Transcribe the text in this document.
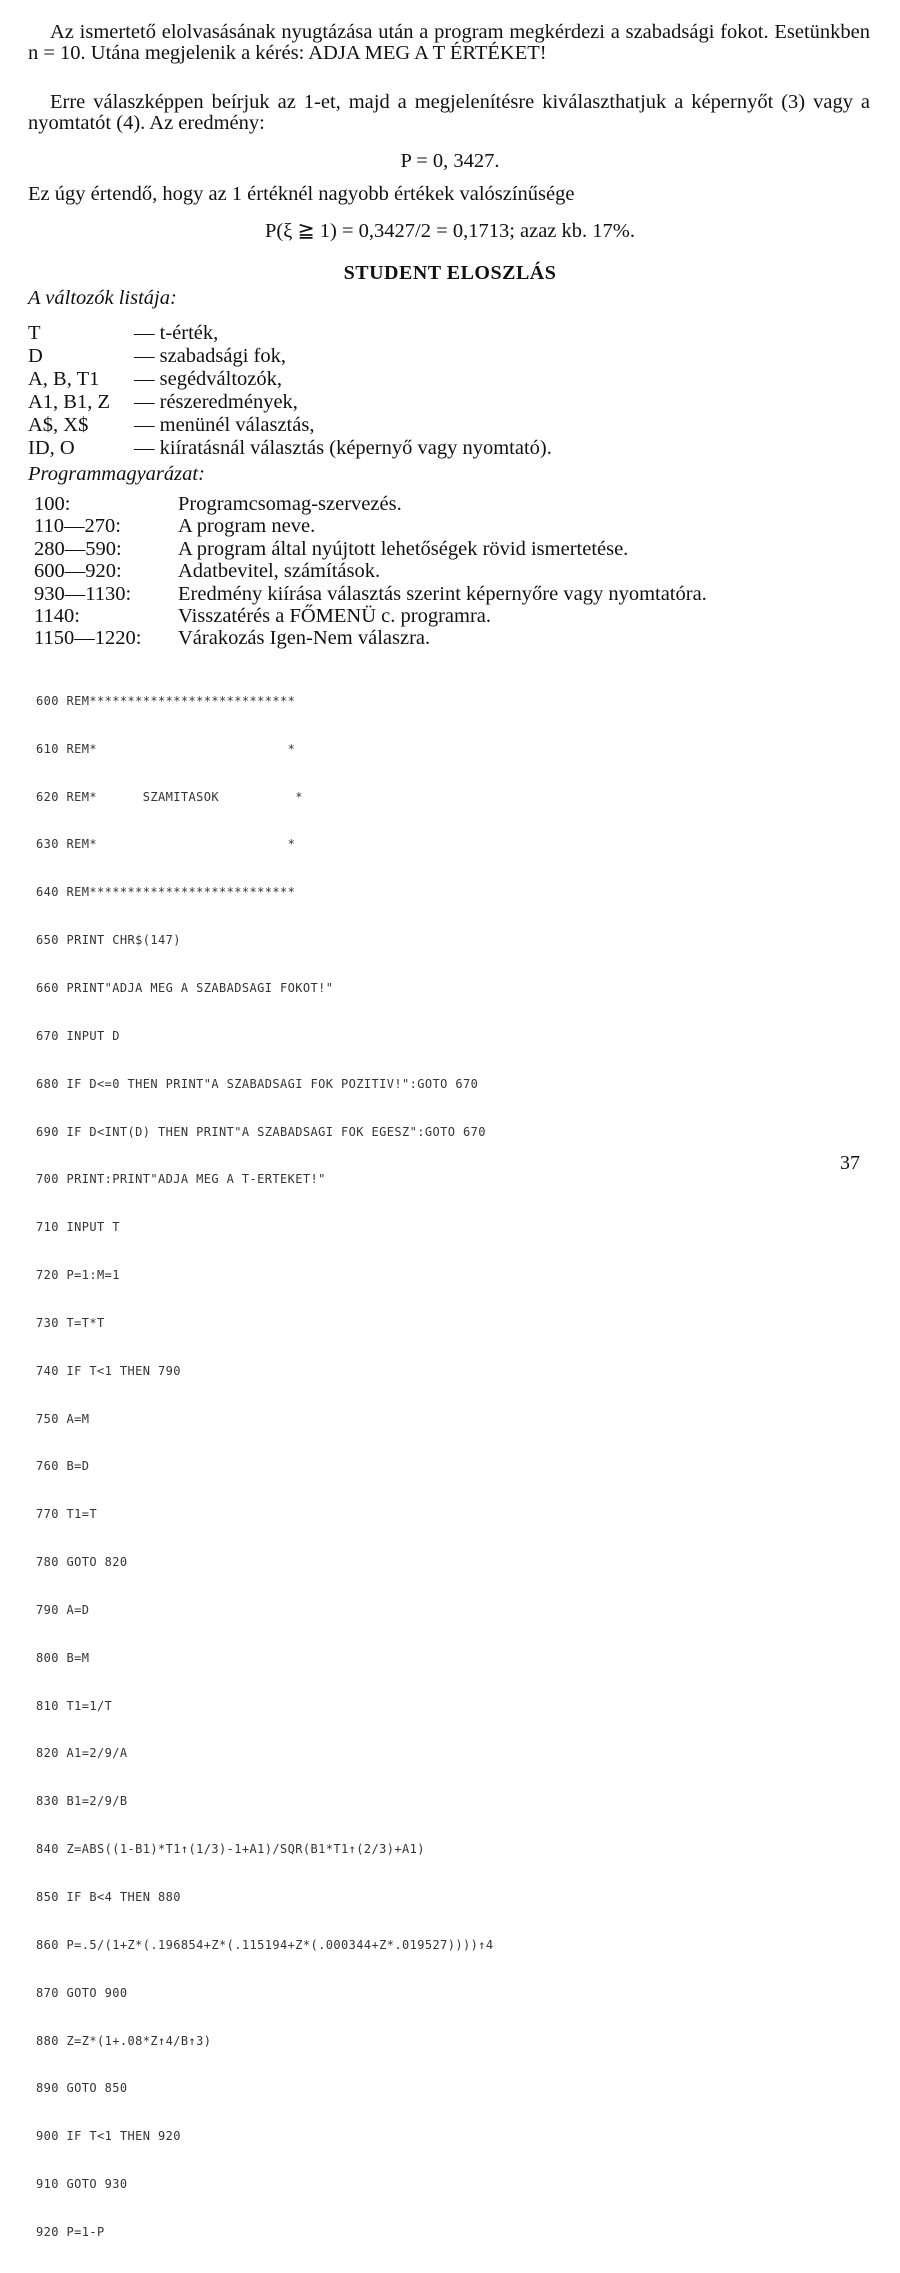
Az ismertető elolvasásának nyugtázása után a program megkérdezi a szabadsági fokot. Esetünkben n = 10. Utána megjelenik a kérés: ADJA MEG A T ÉRTÉKET!
Erre válaszképpen beírjuk az 1-et, majd a megjelenítésre kiválaszthatjuk a képernyőt (3) vagy a nyomtatót (4). Az eredmény:
P = 0, 3427.
Ez úgy értendő, hogy az 1 értéknél nagyobb értékek valószínűsége
P(ξ ≧ 1) = 0,3427/2 = 0,1713; azaz kb. 17%.
STUDENT ELOSZLÁS
A változók listája:
T	— t-érték,
D	— szabadsági fok,
A, B, T1 — segédváltozók,
A1, B1, Z — részeredmények,
A$, X$ — menünél választás,
ID, O	— kiíratásnál választás (képernyő vagy nyomtató).
Programmagyarázat:
100:	Programcsomag-szervezés.
110—270:	A program neve.
280—590:	A program által nyújtott lehetőségek rövid ismertetése.
600—920:	Adatbevitel, számítások.
930—1130: Eredmény kiírása választás szerint képernyőre vagy nyomtatóra.
1140:	Visszatérés a FŐMENÜ c. programra.
1150—1220: Várakozás Igen-Nem válaszra.

600 REM***************************

610 REM*                         *

620 REM*      SZAMITASOK          *

630 REM*                         *

640 REM***************************

650 PRINT CHR$(147)

660 PRINT"ADJA MEG A SZABADSAGI FOKOT!"

670 INPUT D

680 IF D<=0 THEN PRINT"A SZABADSAGI FOK POZITIV!":GOTO 670

690 IF D<INT(D) THEN PRINT"A SZABADSAGI FOK EGESZ":GOTO 670

700 PRINT:PRINT"ADJA MEG A T-ERTEKET!"

710 INPUT T

720 P=1:M=1

730 T=T*T

740 IF T<1 THEN 790

750 A=M

760 B=D

770 T1=T

780 GOTO 820

790 A=D

800 B=M

810 T1=1/T

820 A1=2/9/A

830 B1=2/9/B

840 Z=ABS((1-B1)*T1↑(1/3)-1+A1)/SQR(B1*T1↑(2/3)+A1)

850 IF B<4 THEN 880

860 P=.5/(1+Z*(.196854+Z*(.115194+Z*(.000344+Z*.019527))))↑4

870 GOTO 900

880 Z=Z*(1+.08*Z↑4/B↑3)

890 GOTO 850

900 IF T<1 THEN 920

910 GOTO 930

920 P=1-P

37
